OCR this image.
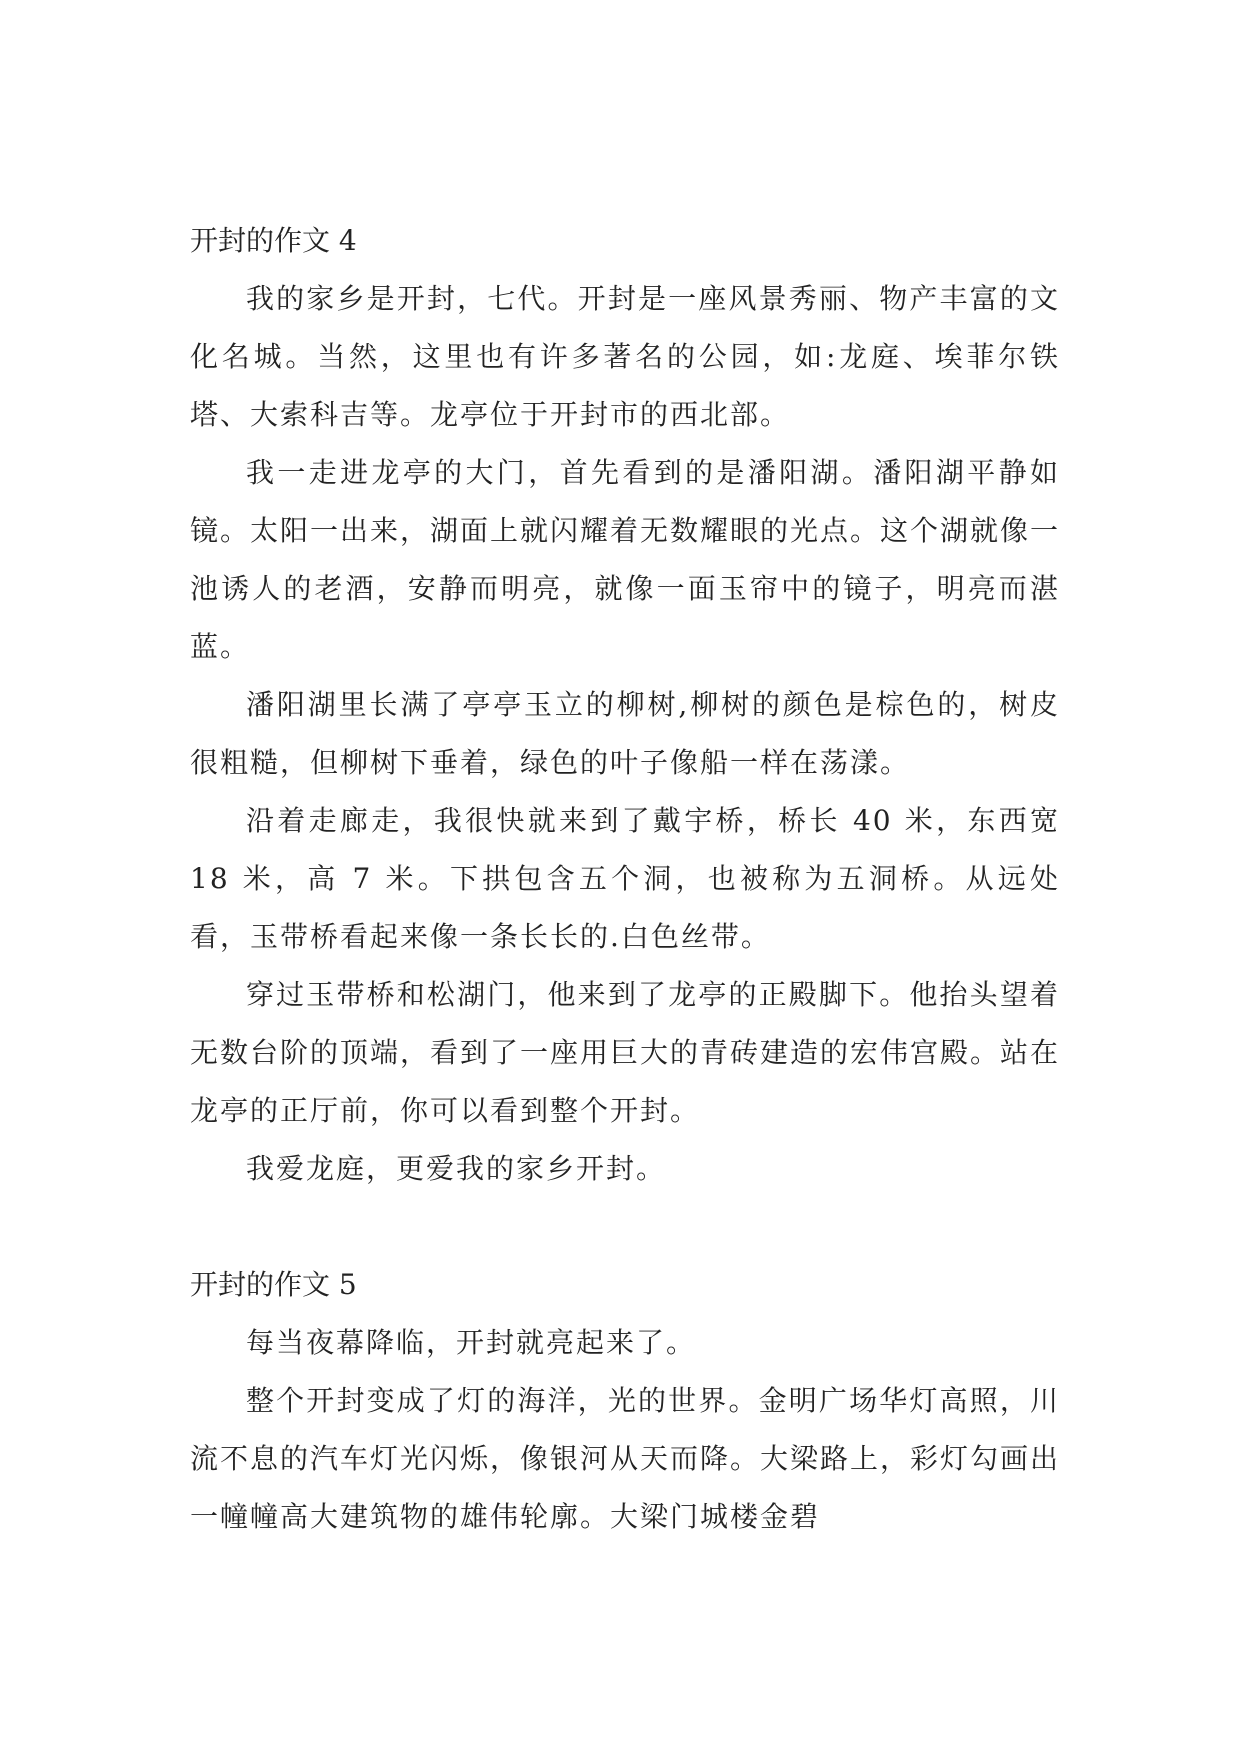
开封的作文 4

我的家乡是开封，七代。开封是一座风景秀丽、物产丰富的文化名城。当然，这里也有许多著名的公园，如:龙庭、埃菲尔铁塔、大索科吉等。龙亭位于开封市的西北部。

我一走进龙亭的大门，首先看到的是潘阳湖。潘阳湖平静如镜。太阳一出来，湖面上就闪耀着无数耀眼的光点。这个湖就像一池诱人的老酒，安静而明亮，就像一面玉帘中的镜子，明亮而湛蓝。

潘阳湖里长满了亭亭玉立的柳树,柳树的颜色是棕色的，树皮很粗糙，但柳树下垂着，绿色的叶子像船一样在荡漾。

沿着走廊走，我很快就来到了戴宇桥，桥长 40 米，东西宽 18 米，高 7 米。下拱包含五个洞，也被称为五洞桥。从远处看，玉带桥看起来像一条长长的.白色丝带。

穿过玉带桥和松湖门，他来到了龙亭的正殿脚下。他抬头望着无数台阶的顶端，看到了一座用巨大的青砖建造的宏伟宫殿。站在龙亭的正厅前，你可以看到整个开封。

我爱龙庭，更爱我的家乡开封。

开封的作文 5

每当夜幕降临，开封就亮起来了。

整个开封变成了灯的海洋，光的世界。金明广场华灯高照，川流不息的汽车灯光闪烁，像银河从天而降。大梁路上，彩灯勾画出一幢幢高大建筑物的雄伟轮廓。大梁门城楼金碧
